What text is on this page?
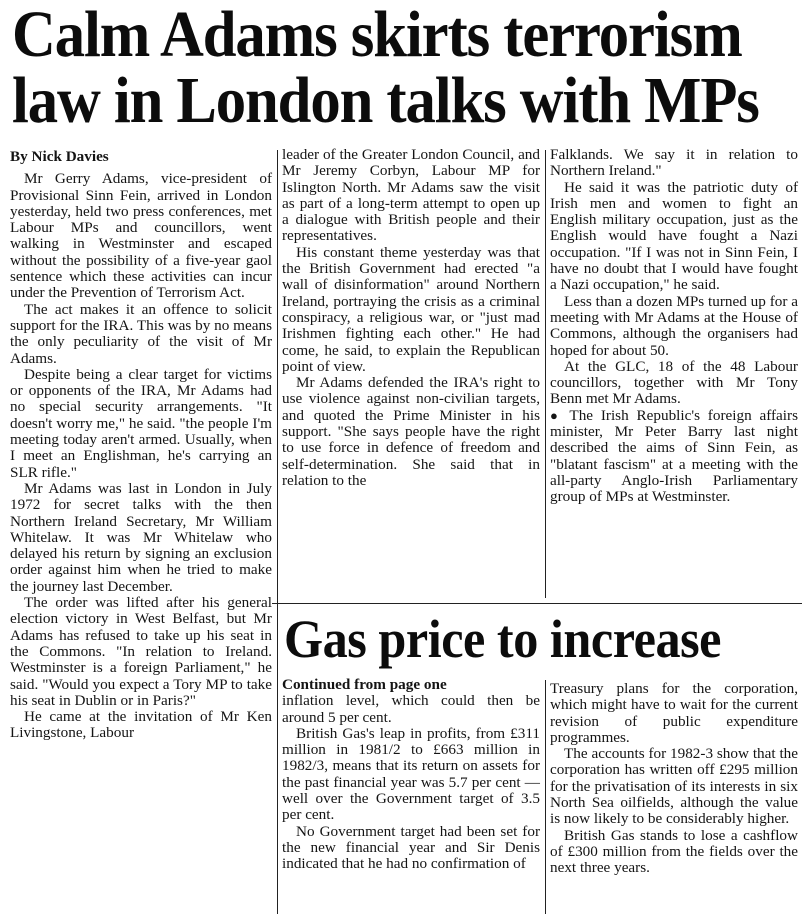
Calm Adams skirts terrorism
law in London talks with MPs

By Nick Davies

Mr Gerry Adams, vice-president of Provisional Sinn Fein, arrived in London yesterday, held two press conferences, met Labour MPs and councillors, went walking in Westminster and escaped without the possibility of a five-year gaol sentence which these activities can incur under the Prevention of Terrorism Act.

The act makes it an offence to solicit support for the IRA. This was by no means the only peculiarity of the visit of Mr Adams.

Despite being a clear target for victims or opponents of the IRA, Mr Adams had no special security arrangements. "It doesn't worry me," he said. "the people I'm meeting today aren't armed. Usually, when I meet an Englishman, he's carrying an SLR rifle."

Mr Adams was last in London in July 1972 for secret talks with the then Northern Ireland Secretary, Mr William Whitelaw. It was Mr Whitelaw who delayed his return by signing an exclusion order against him when he tried to make the journey last December.

The order was lifted after his general election victory in West Belfast, but Mr Adams has refused to take up his seat in the Commons. "In relation to Ireland. Westminster is a foreign Parliament," he said. "Would you expect a Tory MP to take his seat in Dublin or in Paris?"

He came at the invitation of Mr Ken Livingstone, Labour

leader of the Greater London Council, and Mr Jeremy Corbyn, Labour MP for Islington North. Mr Adams saw the visit as part of a long-term attempt to open up a dialogue with British people and their representatives.

His constant theme yesterday was that the British Government had erected "a wall of disinformation" around Northern Ireland, portraying the crisis as a criminal conspiracy, a religious war, or "just mad Irishmen fighting each other." He had come, he said, to explain the Republican point of view.

Mr Adams defended the IRA's right to use violence against non-civilian targets, and quoted the Prime Minister in his support. "She says people have the right to use force in defence of freedom and self-determination. She said that in relation to the

Falklands. We say it in relation to Northern Ireland."

He said it was the patriotic duty of Irish men and women to fight an English military occupation, just as the English would have fought a Nazi occupation. "If I was not in Sinn Fein, I have no doubt that I would have fought a Nazi occupation," he said.

Less than a dozen MPs turned up for a meeting with Mr Adams at the House of Commons, although the organisers had hoped for about 50.

At the GLC, 18 of the 48 Labour councillors, together with Mr Tony Benn met Mr Adams.

● The Irish Republic's foreign affairs minister, Mr Peter Barry last night described the aims of Sinn Fein, as "blatant fascism" at a meeting with the all-party Anglo-Irish Parliamentary group of MPs at Westminster.

Gas price to increase

Continued from page one

inflation level, which could then be around 5 per cent.

British Gas's leap in profits, from £311 million in 1981/2 to £663 million in 1982/3, means that its return on assets for the past financial year was 5.7 per cent — well over the Government target of 3.5 per cent.

No Government target had been set for the new financial year and Sir Denis indicated that he had no confirmation of

Treasury plans for the corporation, which might have to wait for the current revision of public expenditure programmes.

The accounts for 1982-3 show that the corporation has written off £295 million for the privatisation of its interests in six North Sea oilfields, although the value is now likely to be considerably higher.

British Gas stands to lose a cashflow of £300 million from the fields over the next three years.
